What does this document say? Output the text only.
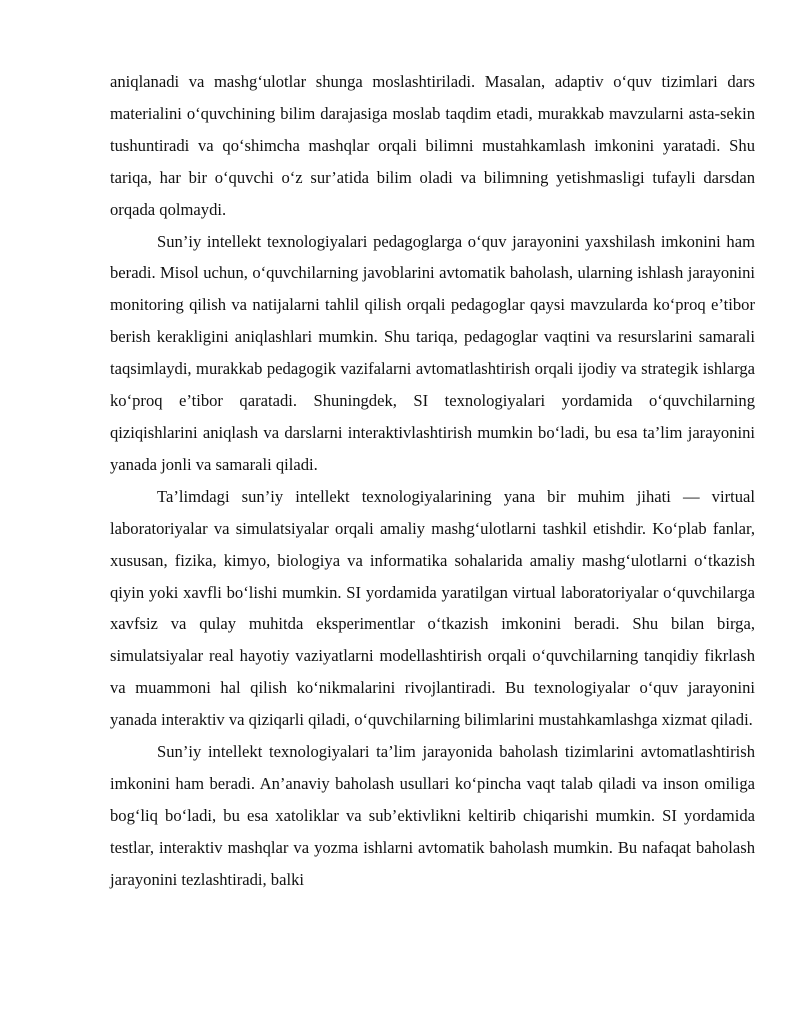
aniqlanadi va mashg‘ulotlar shunga moslashtiriladi. Masalan, adaptiv o‘quv tizimlari dars materialini o‘quvchining bilim darajasiga moslab taqdim etadi, murakkab mavzularni asta-sekin tushuntiradi va qo‘shimcha mashqlar orqali bilimni mustahkamlash imkonini yaratadi. Shu tariqa, har bir o‘quvchi o‘z sur’atida bilim oladi va bilimning yetishmasligi tufayli darsdan orqada qolmaydi.

Sun’iy intellekt texnologiyalari pedagoglarga o‘quv jarayonini yaxshilash imkonini ham beradi. Misol uchun, o‘quvchilarning javoblarini avtomatik baholash, ularning ishlash jarayonini monitoring qilish va natijalarni tahlil qilish orqali pedagoglar qaysi mavzularda ko‘proq e’tibor berish kerakligini aniqlashlari mumkin. Shu tariqa, pedagoglar vaqtini va resurslarini samarali taqsimlaydi, murakkab pedagogik vazifalarni avtomatlashtirish orqali ijodiy va strategik ishlarga ko‘proq e’tibor qaratadi. Shuningdek, SI texnologiyalari yordamida o‘quvchilarning qiziqishlarini aniqlash va darslarni interaktivlashtirish mumkin bo‘ladi, bu esa ta’lim jarayonini yanada jonli va samarali qiladi.

Ta’limdagi sun’iy intellekt texnologiyalarining yana bir muhim jihati — virtual laboratoriyalar va simulatsiyalar orqali amaliy mashg‘ulotlarni tashkil etishdir. Ko‘plab fanlar, xususan, fizika, kimyo, biologiya va informatika sohalarida amaliy mashg‘ulotlarni o‘tkazish qiyin yoki xavfli bo‘lishi mumkin. SI yordamida yaratilgan virtual laboratoriyalar o‘quvchilarga xavfsiz va qulay muhitda eksperimentlar o‘tkazish imkonini beradi. Shu bilan birga, simulatsiyalar real hayotiy vaziyatlarni modellashtirish orqali o‘quvchilarning tanqidiy fikrlash va muammoni hal qilish ko‘nikmalarini rivojlantiradi. Bu texnologiyalar o‘quv jarayonini yanada interaktiv va qiziqarli qiladi, o‘quvchilarning bilimlarini mustahkamlashga xizmat qiladi.

Sun’iy intellekt texnologiyalari ta’lim jarayonida baholash tizimlarini avtomatlashtirish imkonini ham beradi. An’anaviy baholash usullari ko‘pincha vaqt talab qiladi va inson omiliga bog‘liq bo‘ladi, bu esa xatoliklar va sub’ektivlikni keltirib chiqarishi mumkin. SI yordamida testlar, interaktiv mashqlar va yozma ishlarni avtomatik baholash mumkin. Bu nafaqat baholash jarayonini tezlashtiradi, balki
